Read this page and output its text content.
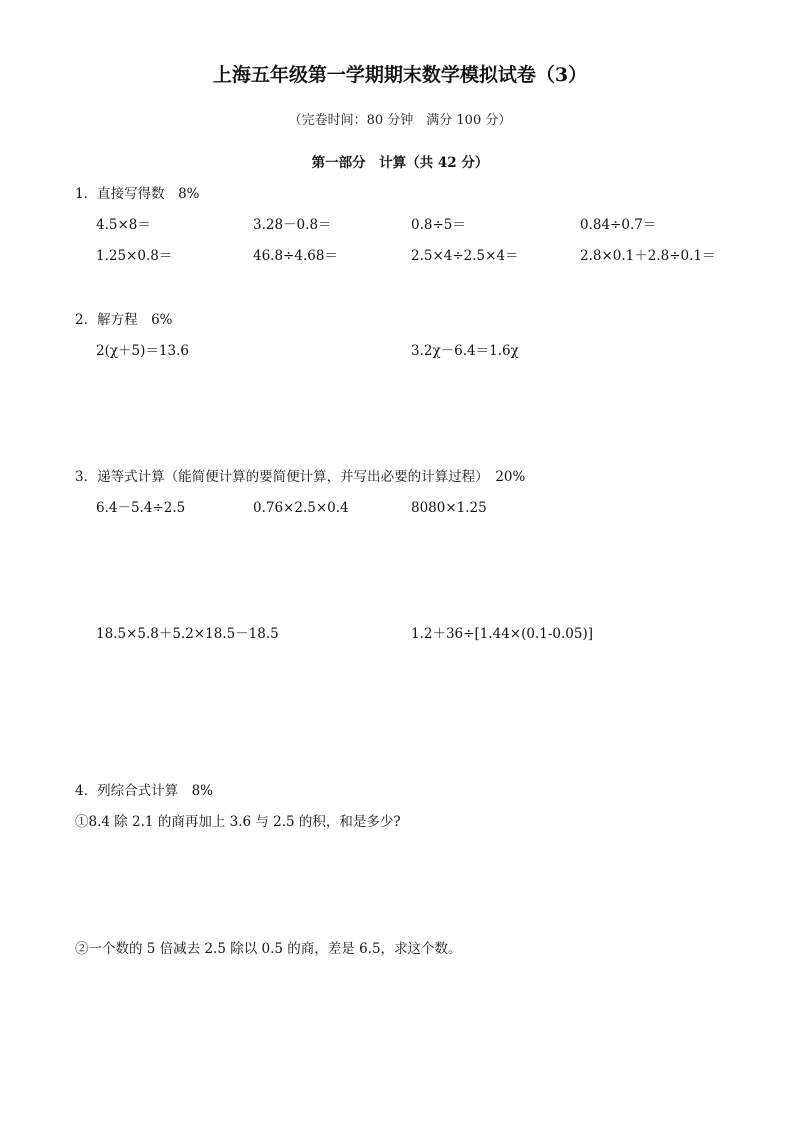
上海五年级第一学期期末数学模拟试卷（3）
（完卷时间：80 分钟　满分 100 分）
第一部分　计算（共 42 分）
1．直接写得数　8%
4.5×8＝	3.28－0.8＝	0.8÷5＝	0.84÷0.7＝
1.25×0.8＝	46.8÷4.68＝	2.5×4÷2.5×4＝	2.8×0.1＋2.8÷0.1＝
2．解方程　6%
2(χ＋5)＝13.6	3.2χ－6.4＝1.6χ
3．递等式计算（能简便计算的要简便计算，并写出必要的计算过程）　20%
6.4－5.4÷2.5	0.76×2.5×0.4	8080×1.25
18.5×5.8＋5.2×18.5－18.5	1.2＋36÷[1.44×(0.1-0.05)]
4．列综合式计算　8%
①8.4 除 2.1 的商再加上 3.6 与 2.5 的积，和是多少?
②一个数的 5 倍减去 2.5 除以 0.5 的商，差是 6.5，求这个数。
